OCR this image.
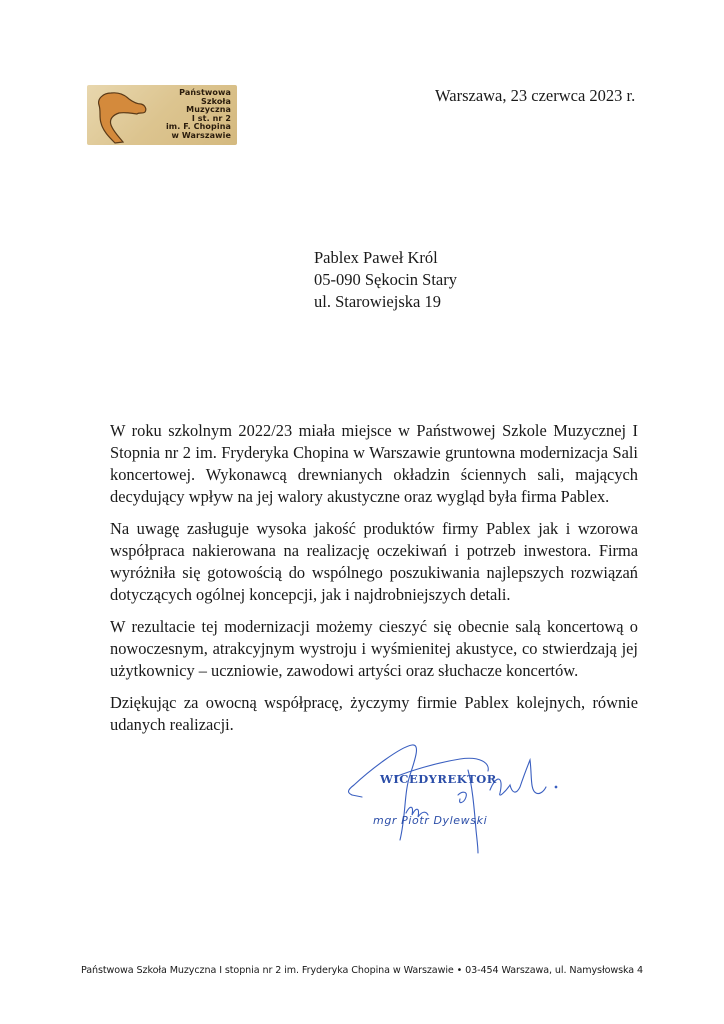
Państwowa
Szkoła
Muzyczna
I st. nr 2
im. F. Chopina
w Warszawie
Warszawa, 23 czerwca 2023 r.
Pablex Paweł Król
05-090 Sękocin Stary
ul. Starowiejska 19

W roku szkolnym 2022/23 miała miejsce w Państwowej Szkole Muzycznej I Stopnia nr 2 im. Fryderyka Chopina w Warszawie gruntowna modernizacja Sali koncertowej. Wykonawcą drewnianych okładzin ściennych sali, mających decydujący wpływ na jej walory akustyczne oraz wygląd była firma Pablex.

Na uwagę zasługuje wysoka jakość produktów firmy Pablex jak i wzorowa współpraca nakierowana na realizację oczekiwań i potrzeb inwestora. Firma wyróżniła się gotowością do wspólnego poszukiwania najlepszych rozwiązań dotyczących ogólnej koncepcji, jak i najdrobniejszych detali.

W rezultacie tej modernizacji możemy cieszyć się obecnie salą koncertową o nowoczesnym, atrakcyjnym wystroju i wyśmienitej akustyce, co stwierdzają jej użytkownicy – uczniowie, zawodowi artyści oraz słuchacze koncertów.

Dziękując za owocną współpracę, życzymy firmie Pablex kolejnych, równie udanych realizacji.

WICEDYREKTOR
mgr Piotr Dylewski
Państwowa Szkoła Muzyczna I stopnia nr 2 im. Fryderyka Chopina w Warszawie • 03-454 Warszawa, ul. Namysłowska 4
